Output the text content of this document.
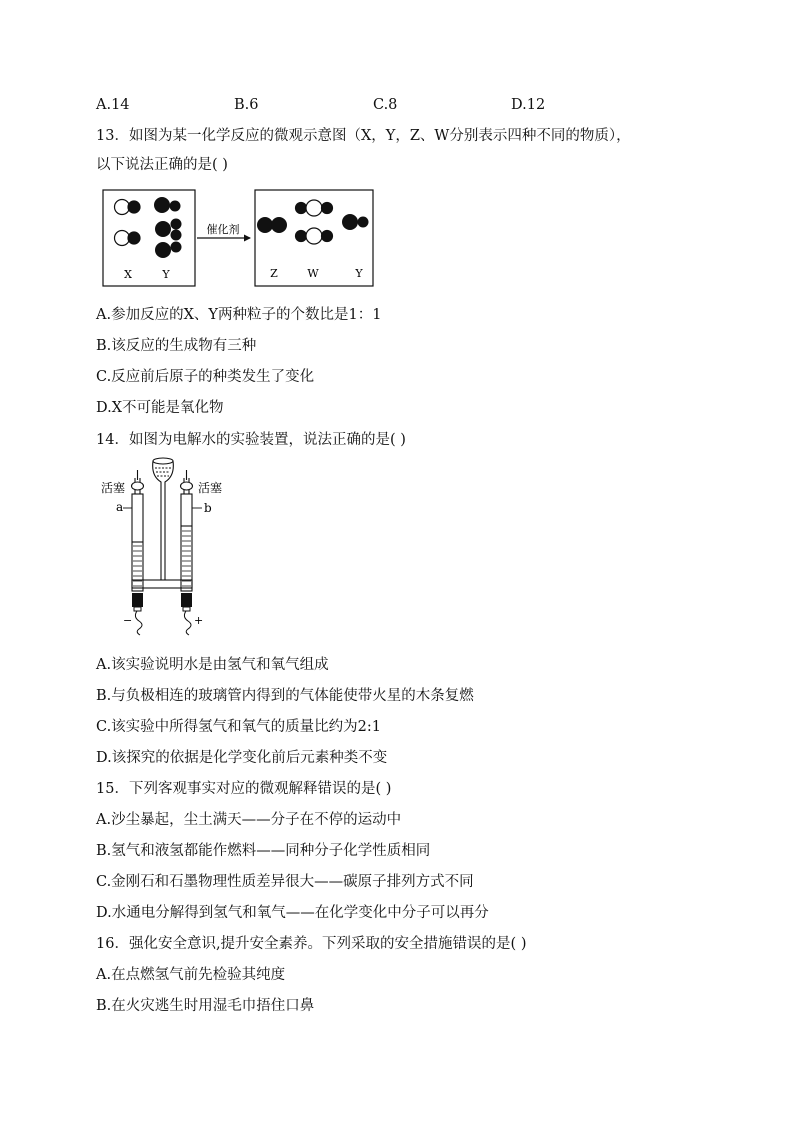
A.14	B.6	C.8	D.12
13．如图为某一化学反应的微观示意图（X，Y，Z、W分别表示四种不同的物质），
以下说法正确的是( )
X	Y
催化剂
Z	W	Y
A.参加反应的X、Y两种粒子的个数比是1：1
B.该反应的生成物有三种
C.反应前后原子的种类发生了变化
D.X不可能是氧化物
14．如图为电解水的实验装置，说法正确的是( )
活塞	活塞
a	b
−	+
A.该实验说明水是由氢气和氧气组成
B.与负极相连的玻璃管内得到的气体能使带火星的木条复燃
C.该实验中所得氢气和氧气的质量比约为2:1
D.该探究的依据是化学变化前后元素种类不变
15．下列客观事实对应的微观解释错误的是( )
A.沙尘暴起，尘土满天——分子在不停的运动中
B.氢气和液氢都能作燃料——同种分子化学性质相同
C.金刚石和石墨物理性质差异很大——碳原子排列方式不同
D.水通电分解得到氢气和氧气——在化学变化中分子可以再分
16．强化安全意识,提升安全素养。下列采取的安全措施错误的是( )
A.在点燃氢气前先检验其纯度
B.在火灾逃生时用湿毛巾捂住口鼻
